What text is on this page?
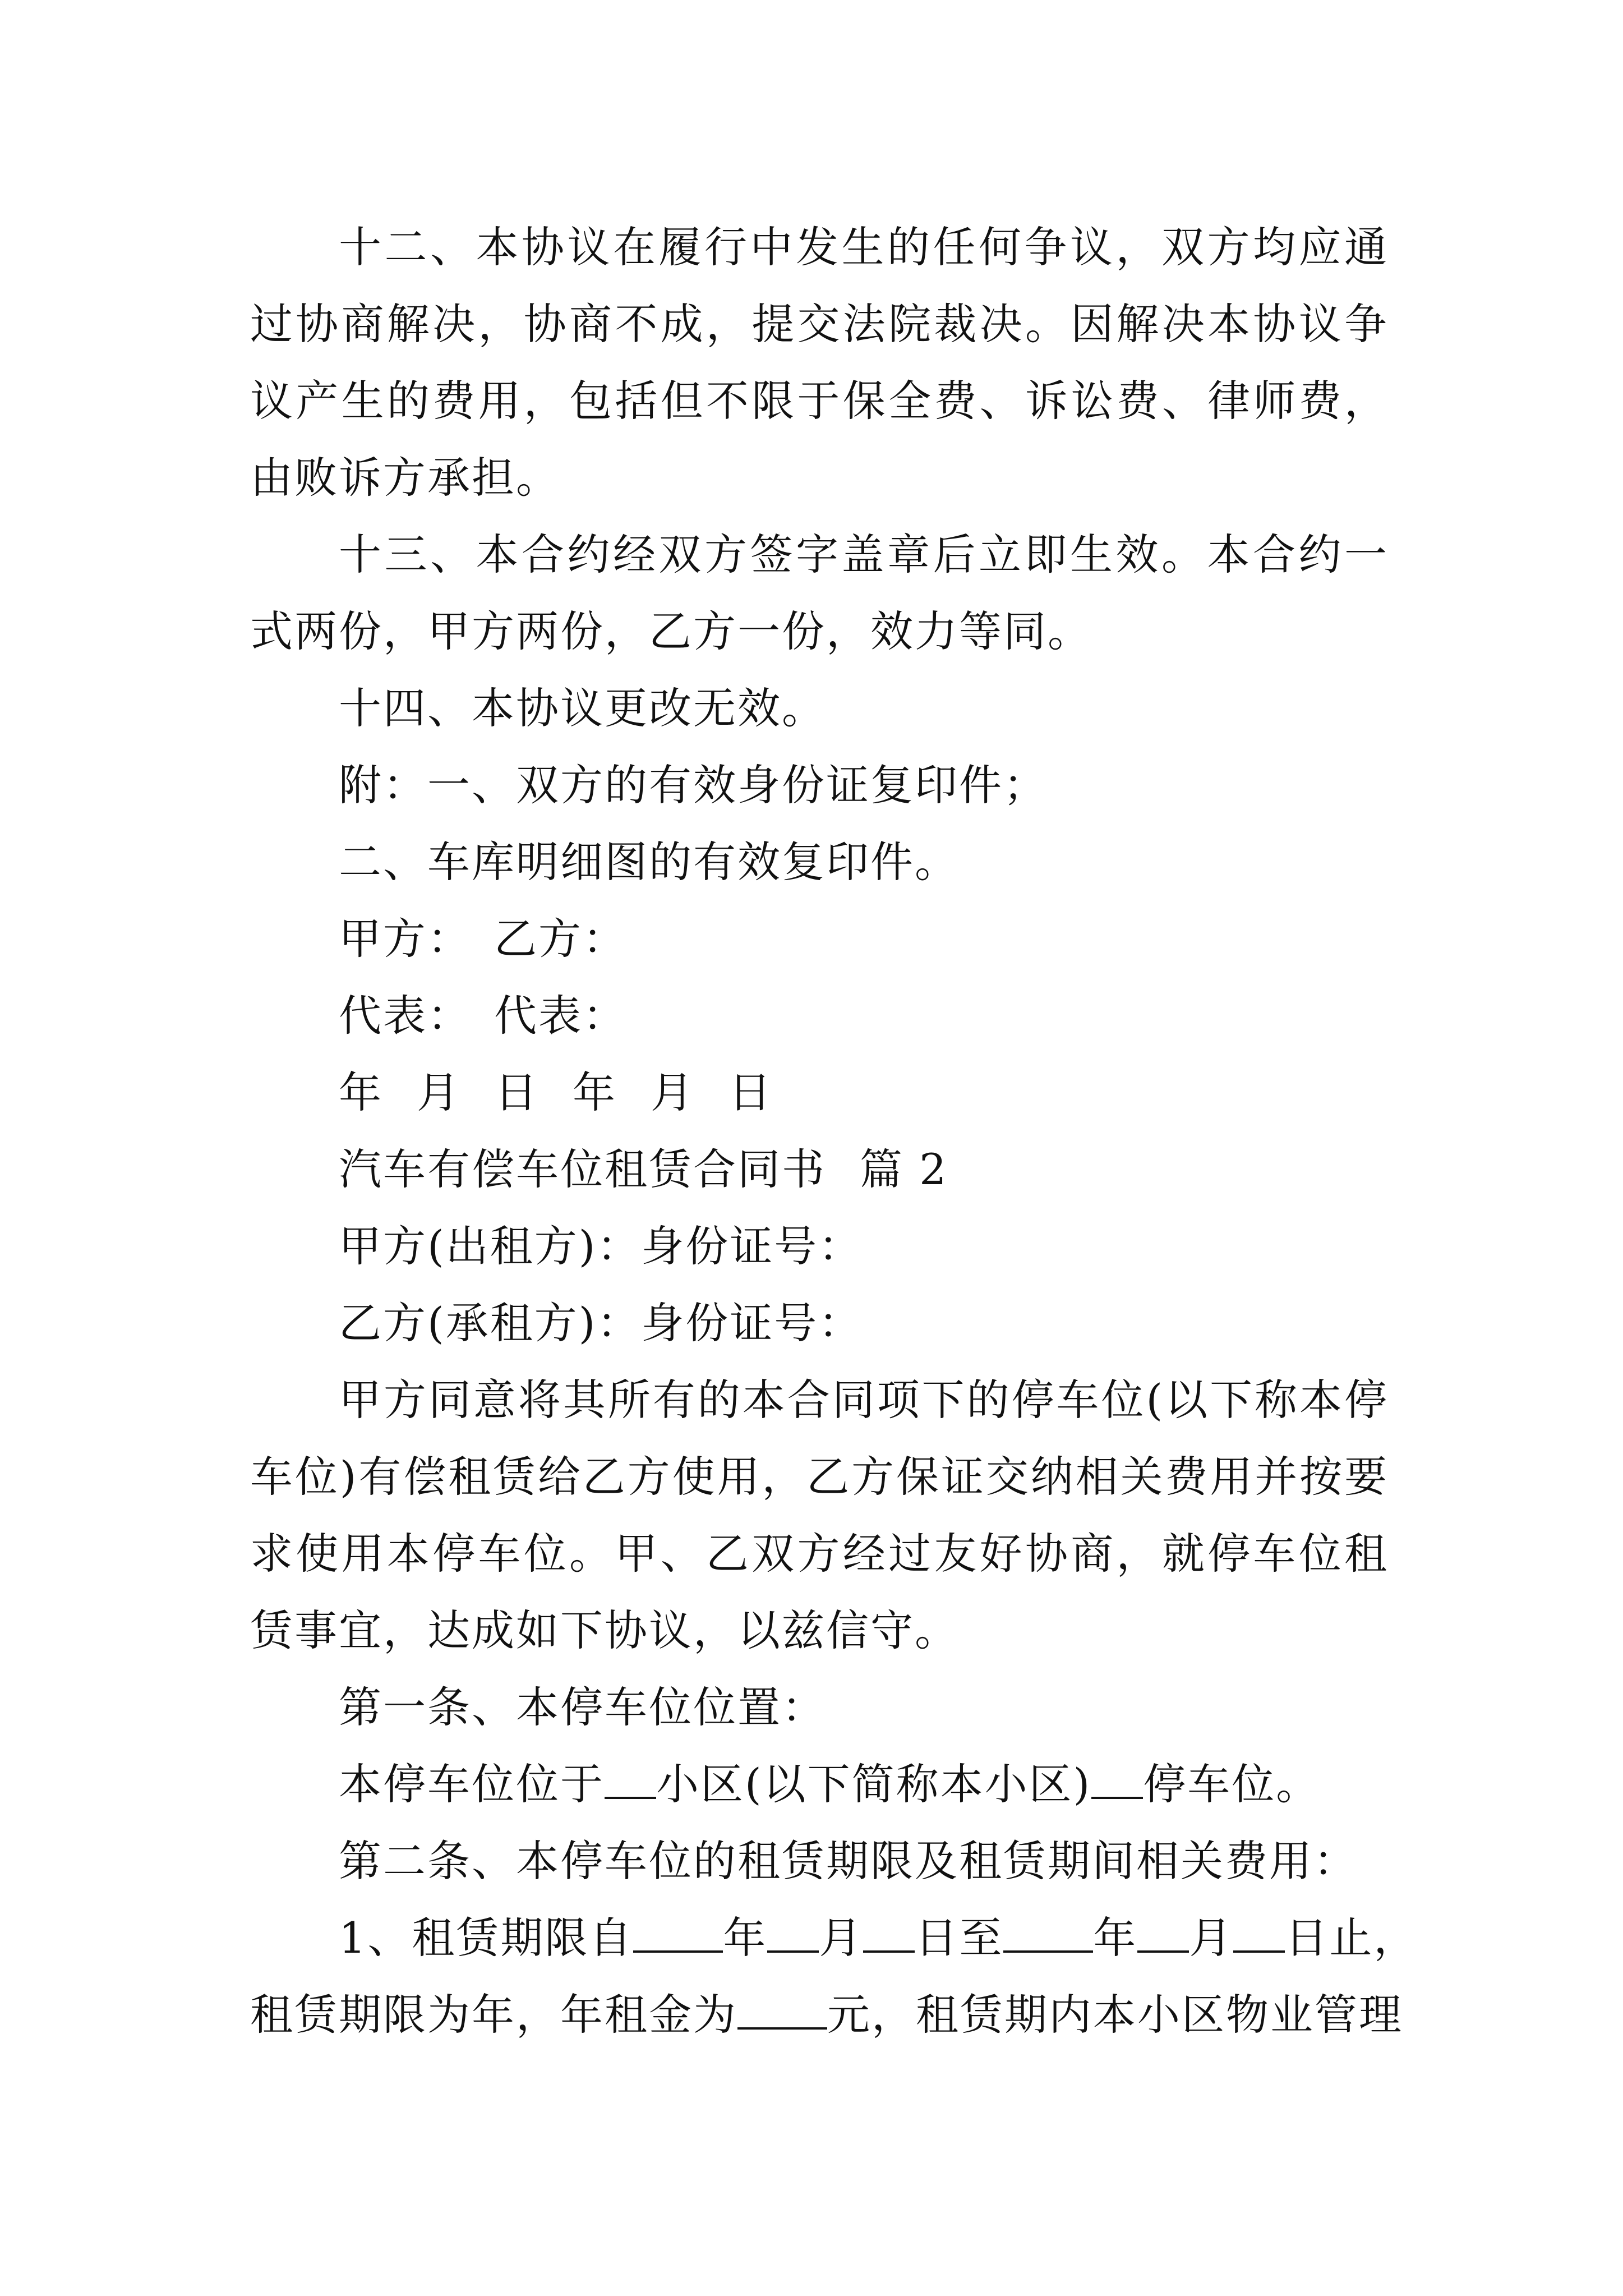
十二、本协议在履行中发生的任何争议，双方均应通过协商解决，协商不成，提交法院裁决。因解决本协议争议产生的费用，包括但不限于保全费、诉讼费、律师费，由败诉方承担。

十三、本合约经双方签字盖章后立即生效。本合约一式两份，甲方两份，乙方一份，效力等同。

十四、本协议更改无效。

附：一、双方的有效身份证复印件；

二、车库明细图的有效复印件。

甲方： 乙方：

代表： 代表：

年 月 日 年 月 日

汽车有偿车位租赁合同书 篇 2

甲方(出租方)：身份证号：

乙方(承租方)：身份证号：

甲方同意将其所有的本合同项下的停车位(以下称本停车位)有偿租赁给乙方使用，乙方保证交纳相关费用并按要求使用本停车位。甲、乙双方经过友好协商，就停车位租赁事宜，达成如下协议，以兹信守。

第一条、本停车位位置：

本停车位位于 小区(以下简称本小区) 停车位。

第二条、本停车位的租赁期限及租赁期间相关费用：

1、租赁期限自 年 月 日至 年 月 日止，
租赁期限为年，年租金为 元，租赁期内本小区物业管理
